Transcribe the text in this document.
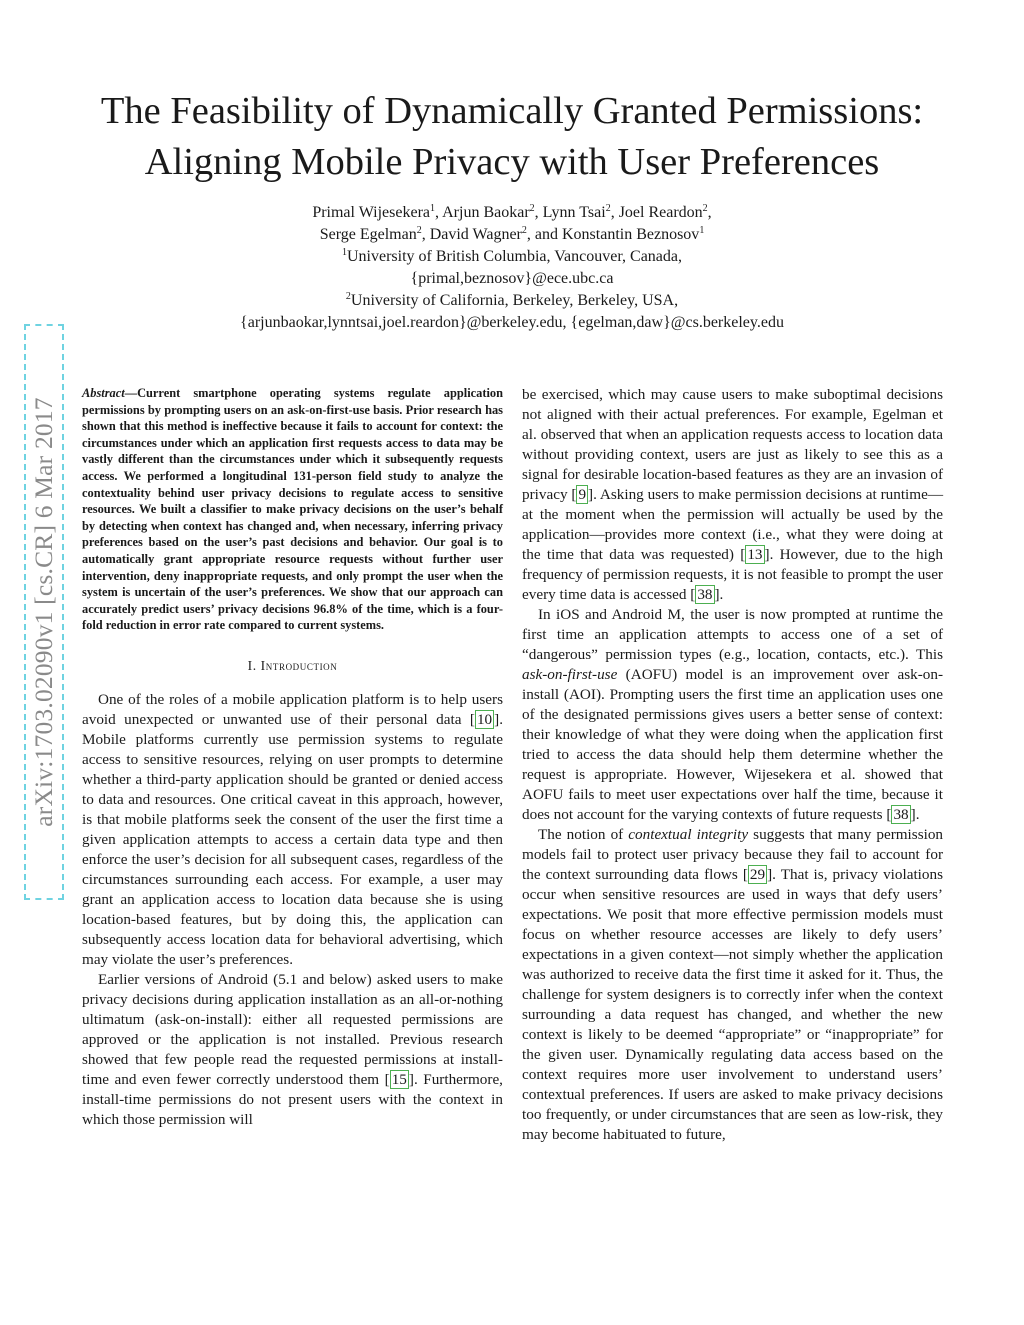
The Feasibility of Dynamically Granted Permissions:
Aligning Mobile Privacy with User Preferences
Primal Wijesekera$^1$, Arjun Baokar$^2$, Lynn Tsai$^2$, Joel Reardon$^2$,
Serge Egelman$^2$, David Wagner$^2$, and Konstantin Beznosov$^1$
$^1$University of British Columbia, Vancouver, Canada,
{primal,beznosov}@ece.ubc.ca
$^2$University of California, Berkeley, Berkeley, USA,
{arjunbaokar,lynntsai,joel.reardon}@berkeley.edu, {egelman,daw}@cs.berkeley.edu
arXiv:1703.02090v1 [cs.CR] 6 Mar 2017

Abstract—Current smartphone operating systems regulate application permissions by prompting users on an ask-on-first-use basis. Prior research has shown that this method is ineffective because it fails to account for context: the circumstances under which an application first requests access to data may be vastly different than the circumstances under which it subsequently requests access. We performed a longitudinal 131-person field study to analyze the contextuality behind user privacy decisions to regulate access to sensitive resources. We built a classifier to make privacy decisions on the user’s behalf by detecting when context has changed and, when necessary, inferring privacy preferences based on the user’s past decisions and behavior. Our goal is to automatically grant appropriate resource requests without further user intervention, deny inappropriate requests, and only prompt the user when the system is uncertain of the user’s preferences. We show that our approach can accurately predict users’ privacy decisions 96.8% of the time, which is a four-fold reduction in error rate compared to current systems.

I. Introduction

One of the roles of a mobile application platform is to help users avoid unexpected or unwanted use of their personal data [ 10 ]. Mobile platforms currently use permission systems to regulate access to sensitive resources, relying on user prompts to determine whether a third-party application should be granted or denied access to data and resources. One critical caveat in this approach, however, is that mobile platforms seek the consent of the user the first time a given application attempts to access a certain data type and then enforce the user’s decision for all subsequent cases, regardless of the circumstances surrounding each access. For example, a user may grant an application access to location data because she is using location-based features, but by doing this, the application can subsequently access location data for behavioral advertising, which may violate the user’s preferences.

Earlier versions of Android (5.1 and below) asked users to make privacy decisions during application installation as an all-or-nothing ultimatum (ask-on-install): either all requested permissions are approved or the application is not installed. Previous research showed that few people read the requested permissions at install-time and even fewer correctly understood them [ 15 ]. Furthermore, install-time permissions do not present users with the context in which those permission will

be exercised, which may cause users to make suboptimal decisions not aligned with their actual preferences. For example, Egelman et al. observed that when an application requests access to location data without providing context, users are just as likely to see this as a signal for desirable location-based features as they are an invasion of privacy [ 9 ]. Asking users to make permission decisions at runtime—at the moment when the permission will actually be used by the application—provides more context (i.e., what they were doing at the time that data was requested) [ 13 ]. However, due to the high frequency of permission requests, it is not feasible to prompt the user every time data is accessed [ 38 ].

In iOS and Android M, the user is now prompted at runtime the first time an application attempts to access one of a set of “dangerous” permission types (e.g., location, contacts, etc.). This ask-on-first-use (AOFU) model is an improvement over ask-on-install (AOI). Prompting users the first time an application uses one of the designated permissions gives users a better sense of context: their knowledge of what they were doing when the application first tried to access the data should help them determine whether the request is appropriate. However, Wijesekera et al. showed that AOFU fails to meet user expectations over half the time, because it does not account for the varying contexts of future requests [ 38 ].

The notion of contextual integrity suggests that many permission models fail to protect user privacy because they fail to account for the context surrounding data flows [ 29 ]. That is, privacy violations occur when sensitive resources are used in ways that defy users’ expectations. We posit that more effective permission models must focus on whether resource accesses are likely to defy users’ expectations in a given context—not simply whether the application was authorized to receive data the first time it asked for it. Thus, the challenge for system designers is to correctly infer when the context surrounding a data request has changed, and whether the new context is likely to be deemed “appropriate” or “inappropriate” for the given user. Dynamically regulating data access based on the context requires more user involvement to understand users’ contextual preferences. If users are asked to make privacy decisions too frequently, or under circumstances that are seen as low-risk, they may become habituated to future,
